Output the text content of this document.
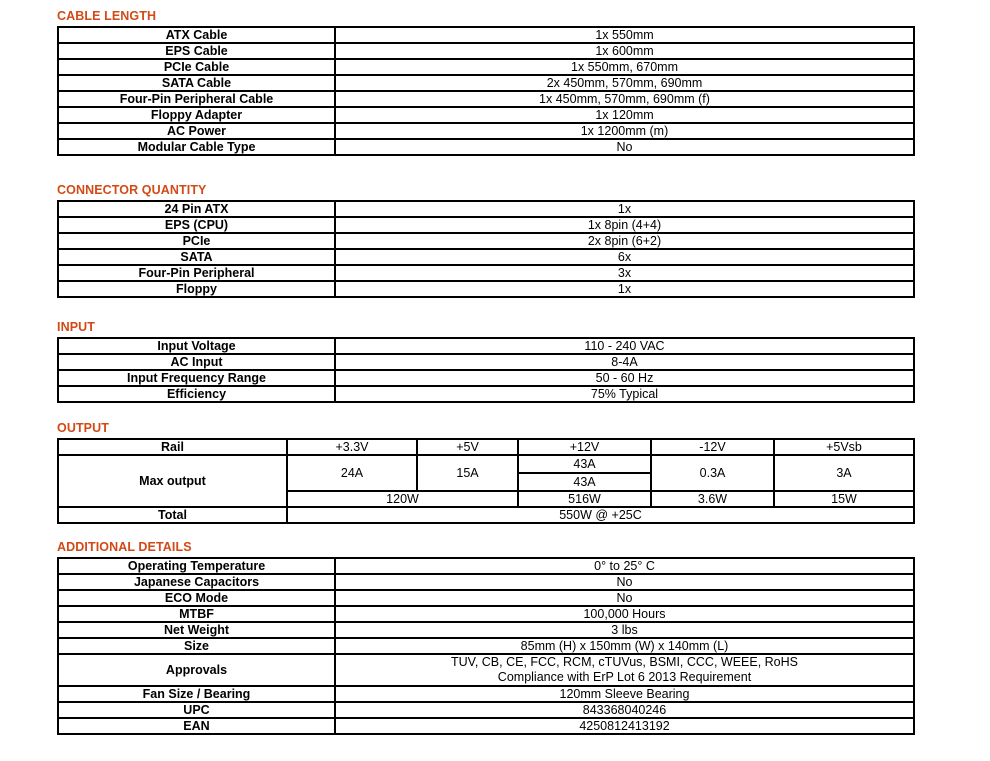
CABLE LENGTH
ATX Cable	1x 550mm
EPS Cable	1x 600mm
PCIe Cable	1x 550mm, 670mm
SATA Cable	2x 450mm, 570mm, 690mm
Four-Pin Peripheral Cable	1x 450mm, 570mm, 690mm (f)
Floppy Adapter	1x 120mm
AC Power	1x 1200mm (m)
Modular Cable Type	No
CONNECTOR QUANTITY
24 Pin ATX	1x
EPS (CPU)	1x 8pin (4+4)
PCIe	2x 8pin (6+2)
SATA	6x
Four-Pin Peripheral	3x
Floppy	1x
INPUT
Input Voltage	110 - 240 VAC
AC Input	8-4A
Input Frequency Range	50 - 60 Hz
Efficiency	75% Typical
OUTPUT
Rail	+3.3V	+5V	+12V	-12V	+5Vsb
Max output	24A	15A	43A	0.3A	3A
			43A		
	120W		516W	3.6W	15W
Total	550W @ +25C				
ADDITIONAL DETAILS
Operating Temperature	0° to 25° C
Japanese Capacitors	No
ECO Mode	No
MTBF	100,000 Hours
Net Weight	3 lbs
Size	85mm (H) x 150mm (W) x 140mm (L)
Approvals	TUV, CB, CE, FCC, RCM, cTUVus, BSMI, CCC, WEEE, RoHS
Compliance with ErP Lot 6 2013 Requirement

Fan Size / Bearing	120mm Sleeve Bearing
UPC	843368040246
EAN	4250812413192
